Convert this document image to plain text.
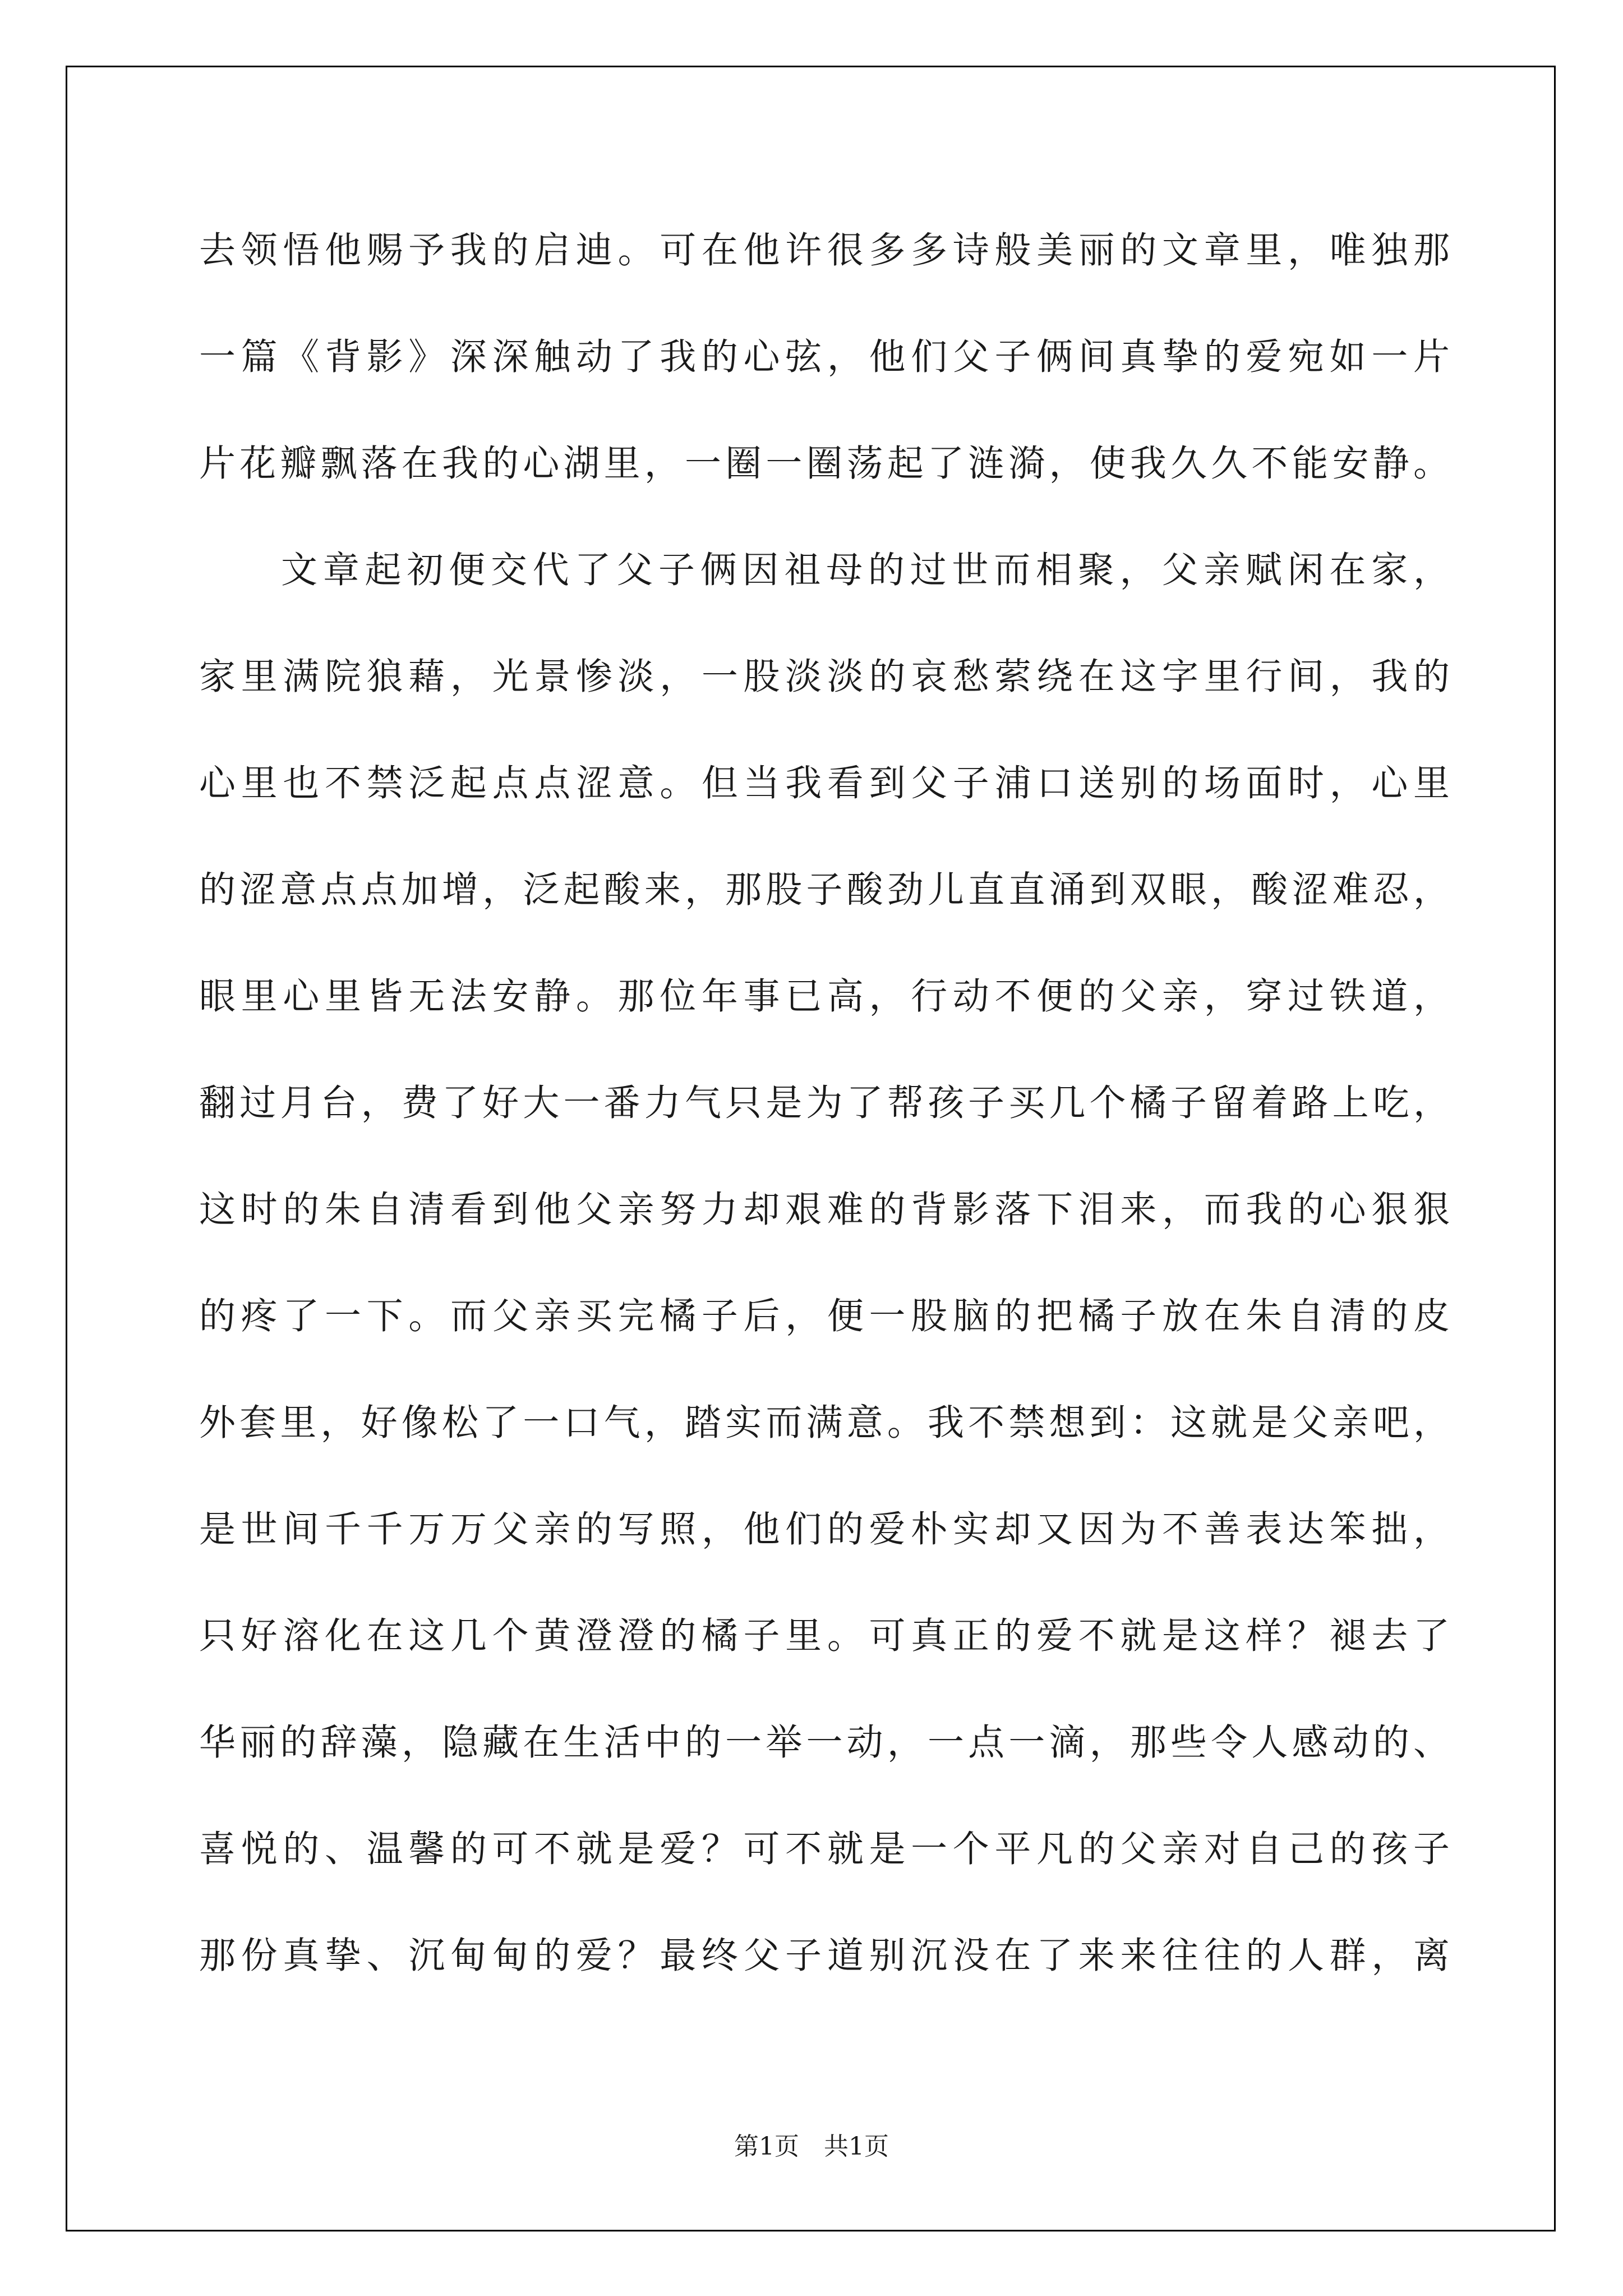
去领悟他赐予我的启迪。可在他许很多多诗般美丽的文章里，唯独那
一篇《背影》深深触动了我的心弦，他们父子俩间真挚的爱宛如一片
片花瓣飘落在我的心湖里，一圈一圈荡起了涟漪，使我久久不能安静。
文章起初便交代了父子俩因祖母的过世而相聚，父亲赋闲在家，
家里满院狼藉，光景惨淡，一股淡淡的哀愁萦绕在这字里行间，我的
心里也不禁泛起点点涩意。但当我看到父子浦口送别的场面时，心里
的涩意点点加增，泛起酸来，那股子酸劲儿直直涌到双眼，酸涩难忍，
眼里心里皆无法安静。那位年事已高，行动不便的父亲，穿过铁道，
翻过月台，费了好大一番力气只是为了帮孩子买几个橘子留着路上吃，
这时的朱自清看到他父亲努力却艰难的背影落下泪来，而我的心狠狠
的疼了一下。而父亲买完橘子后，便一股脑的把橘子放在朱自清的皮
外套里，好像松了一口气，踏实而满意。我不禁想到：这就是父亲吧，
是世间千千万万父亲的写照，他们的爱朴实却又因为不善表达笨拙，
只好溶化在这几个黄澄澄的橘子里。可真正的爱不就是这样？褪去了
华丽的辞藻，隐藏在生活中的一举一动，一点一滴，那些令人感动的、
喜悦的、温馨的可不就是爱？可不就是一个平凡的父亲对自己的孩子
那份真挚、沉甸甸的爱？最终父子道别沉没在了来来往往的人群，离
第1页　共1页
